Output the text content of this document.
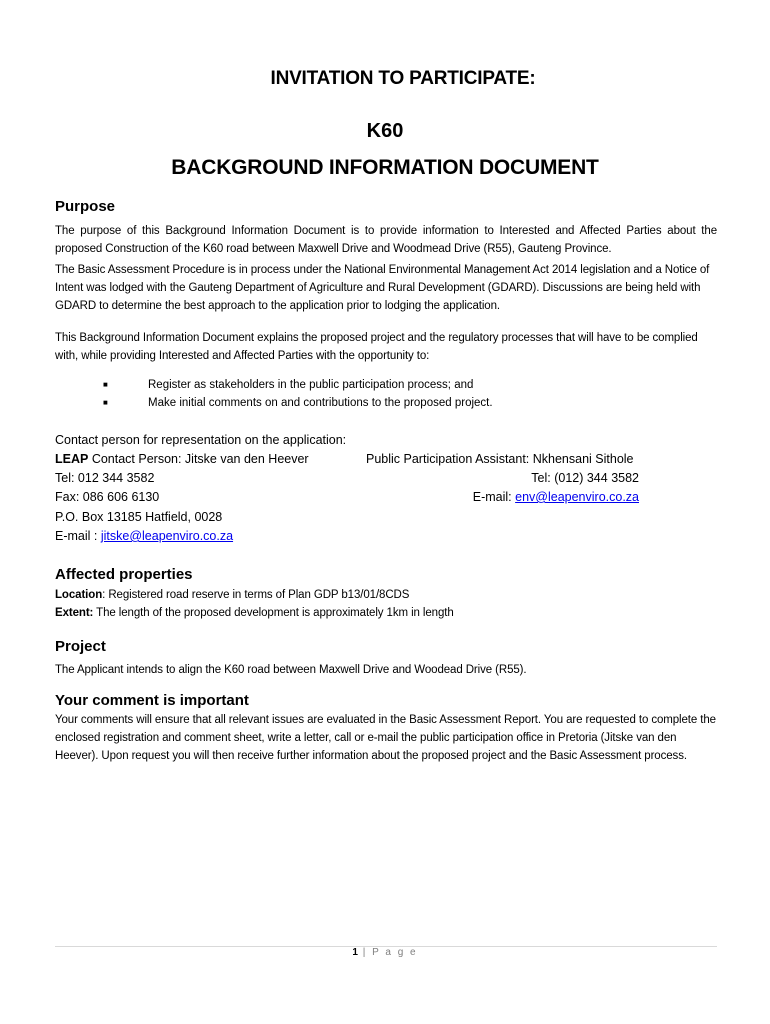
INVITATION TO PARTICIPATE:
K60
BACKGROUND INFORMATION DOCUMENT
Purpose
The purpose of this Background Information Document is to provide information to Interested and Affected Parties about the proposed Construction of the K60 road between Maxwell Drive and Woodmead Drive (R55), Gauteng Province.
The Basic Assessment Procedure is in process under the National Environmental Management Act 2014 legislation and a Notice of Intent was lodged with the Gauteng Department of Agriculture and Rural Development (GDARD). Discussions are being held with GDARD to determine the best approach to the application prior to lodging the application.
This Background Information Document explains the proposed project and the regulatory processes that will have to be complied with, while providing Interested and Affected Parties with the opportunity to:
■	Register as stakeholders in the public participation process; and
■	Make initial comments on and contributions to the proposed project.
Contact person for representation on the application:
LEAP Contact Person: Jitske van den Heever
Tel: 012 344 3582
Fax: 086 606 6130
P.O. Box 13185 Hatfield, 0028
E-mail : jitske@leapenviro.co.za
Public Participation Assistant: Nkhensani Sithole
Tel: (012) 344 3582
E-mail: env@leapenviro.co.za
Affected properties
Location: Registered road reserve in terms of Plan GDP b13/01/8CDS
Extent: The length of the proposed development is approximately 1km in length
Project
The Applicant intends to align the K60 road between Maxwell Drive and Woodead Drive (R55).
Your comment is important
Your comments will ensure that all relevant issues are evaluated in the Basic Assessment Report. You are requested to complete the enclosed registration and comment sheet, write a letter, call or e-mail the public participation office in Pretoria (Jitske van den Heever). Upon request you will then receive further information about the proposed project and the Basic Assessment process.
1 | P a g e
